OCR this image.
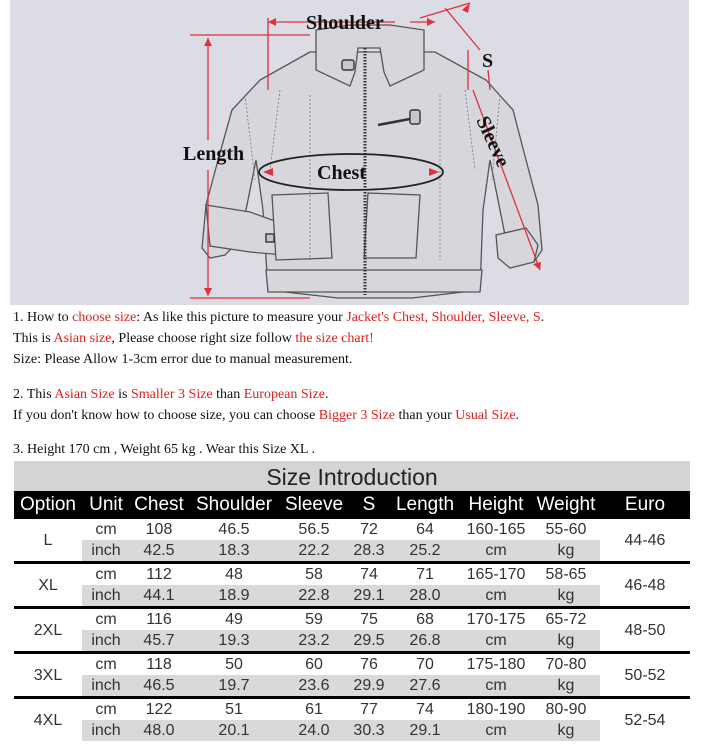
Shoulder
S
Length
Chest
Sleeve
1. How to choose size: As like this picture to measure your Jacket's Chest, Shoulder, Sleeve, S.
This is Asian size, Please choose right size follow the size chart!
Size: Please Allow 1-3cm error due to manual measurement.
2. This Asian Size is Smaller 3 Size than European Size.
If you don't know how to choose size, you can choose Bigger 3 Size than your Usual Size.
3. Height 170 cm , Weight 65 kg . Wear this Size XL .
Size Introduction
Option	Unit	Chest	Shoulder	Sleeve	S	Length	Height	Weight	Euro
L	cm	108	46.5	56.5	72	64	160-165	55-60	44-46
	inch	42.5	18.3	22.2	28.3	25.2	cm	kg	
XL	cm	112	48	58	74	71	165-170	58-65	46-48
	inch	44.1	18.9	22.8	29.1	28.0	cm	kg	
2XL	cm	116	49	59	75	68	170-175	65-72	48-50
	inch	45.7	19.3	23.2	29.5	26.8	cm	kg	
3XL	cm	118	50	60	76	70	175-180	70-80	50-52
	inch	46.5	19.7	23.6	29.9	27.6	cm	kg	
4XL	cm	122	51	61	77	74	180-190	80-90	52-54
	inch	48.0	20.1	24.0	30.3	29.1	cm	kg	
